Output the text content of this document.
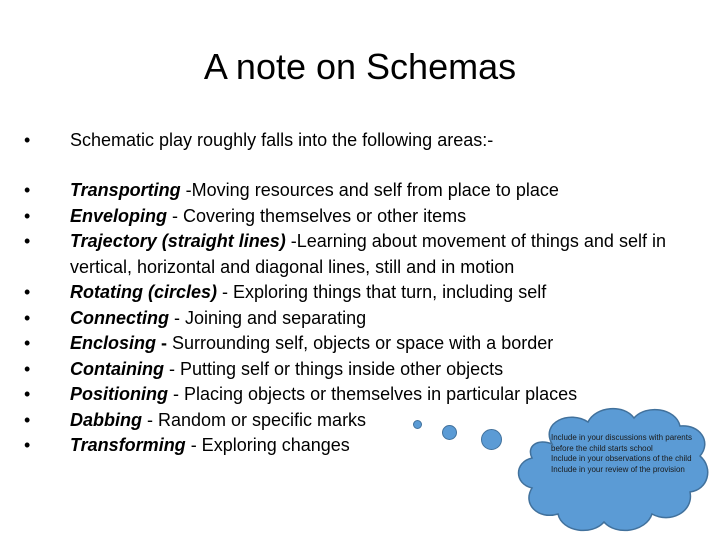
A note on Schemas
• Schematic play roughly falls into the following areas:-
• Transporting -Moving resources and self from place to place
• Enveloping - Covering themselves or other items
• Trajectory (straight lines) -Learning about movement of things and self in vertical, horizontal and diagonal lines, still and in motion
• Rotating (circles) - Exploring things that turn, including self
• Connecting - Joining and separating
• Enclosing - Surrounding self, objects or space with a border
• Containing - Putting self or things inside other objects
• Positioning - Placing objects or themselves in particular places
• Dabbing - Random or specific marks
• Transforming - Exploring changes	Include in your discussions with parents before the child starts school
Include in your observations of the child
Include in your review of the provision
